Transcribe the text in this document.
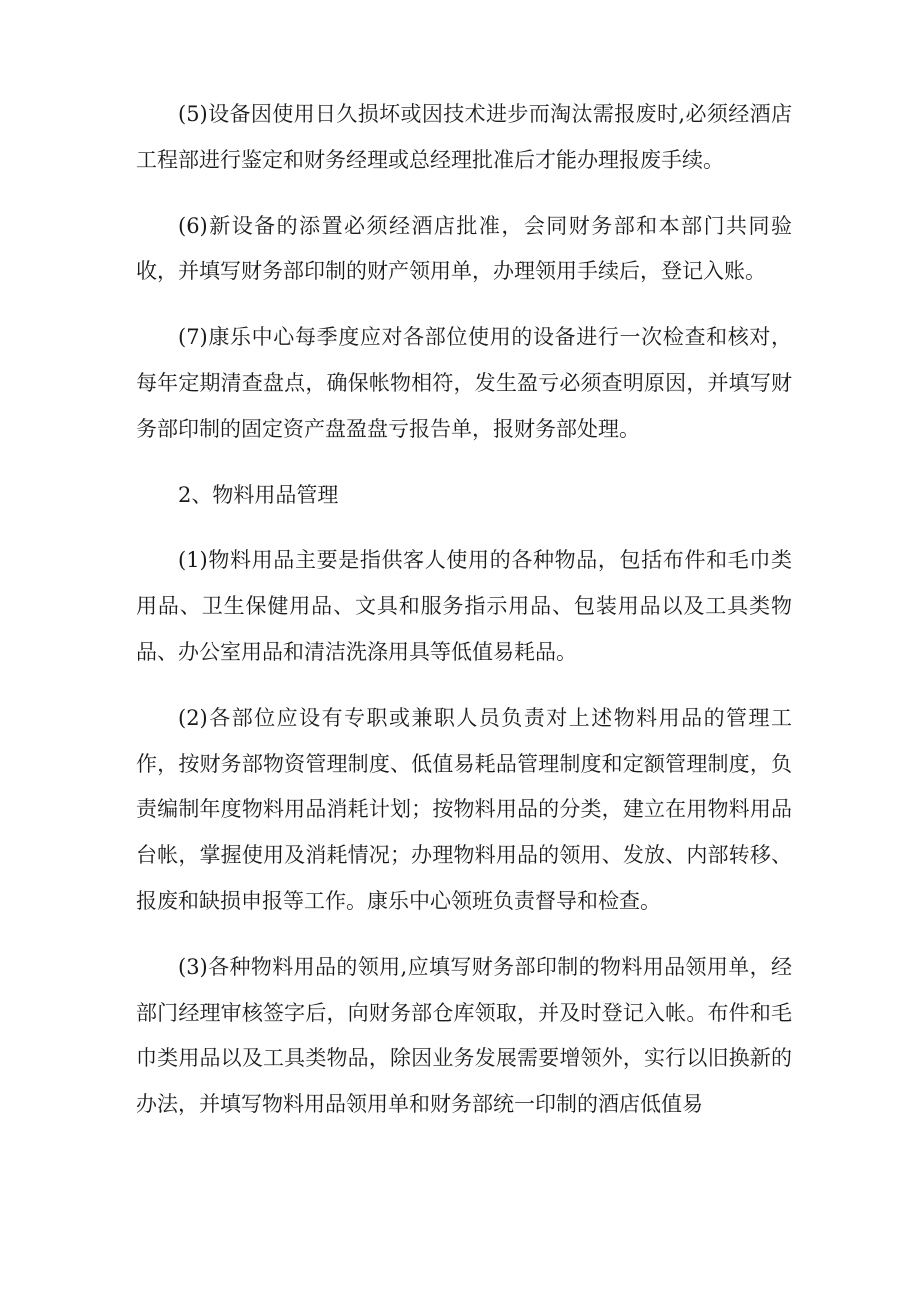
(5)设备因使用日久损坏或因技术进步而淘汰需报废时,必须经酒店工程部进行鉴定和财务经理或总经理批准后才能办理报废手续。

(6)新设备的添置必须经酒店批准，会同财务部和本部门共同验收，并填写财务部印制的财产领用单，办理领用手续后，登记入账。

(7)康乐中心每季度应对各部位使用的设备进行一次检查和核对，每年定期清查盘点，确保帐物相符，发生盈亏必须查明原因，并填写财务部印制的固定资产盘盈盘亏报告单，报财务部处理。

2、物料用品管理

(1)物料用品主要是指供客人使用的各种物品，包括布件和毛巾类用品、卫生保健用品、文具和服务指示用品、包装用品以及工具类物品、办公室用品和清洁洗涤用具等低值易耗品。

(2)各部位应设有专职或兼职人员负责对上述物料用品的管理工作，按财务部物资管理制度、低值易耗品管理制度和定额管理制度，负责编制年度物料用品消耗计划；按物料用品的分类，建立在用物料用品台帐，掌握使用及消耗情况；办理物料用品的领用、发放、内部转移、报废和缺损申报等工作。康乐中心领班负责督导和检查。

(3)各种物料用品的领用,应填写财务部印制的物料用品领用单，经部门经理审核签字后，向财务部仓库领取，并及时登记入帐。布件和毛巾类用品以及工具类物品，除因业务发展需要增领外，实行以旧换新的办法，并填写物料用品领用单和财务部统一印制的酒店低值易
